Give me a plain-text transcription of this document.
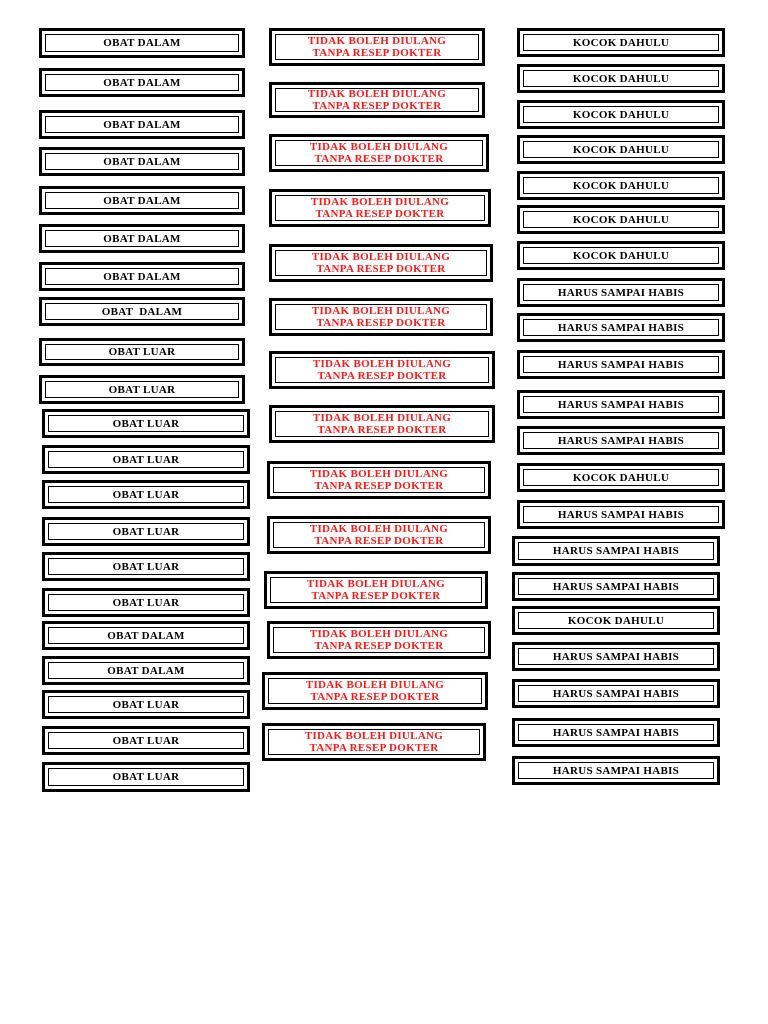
OBAT DALAM
OBAT DALAM
OBAT DALAM
OBAT DALAM
OBAT DALAM
OBAT DALAM
OBAT DALAM
OBAT  DALAM
OBAT LUAR
OBAT LUAR
OBAT LUAR
OBAT LUAR
OBAT LUAR
OBAT LUAR
OBAT LUAR
OBAT LUAR
OBAT DALAM
OBAT DALAM
OBAT LUAR
OBAT LUAR
OBAT LUAR
TIDAK BOLEH DIULANG
TANPA RESEP DOKTER
TIDAK BOLEH DIULANG
TANPA RESEP DOKTER
TIDAK BOLEH DIULANG
TANPA RESEP DOKTER
TIDAK BOLEH DIULANG
TANPA RESEP DOKTER
TIDAK BOLEH DIULANG
TANPA RESEP DOKTER
TIDAK BOLEH DIULANG
TANPA RESEP DOKTER
TIDAK BOLEH DIULANG
TANPA RESEP DOKTER
TIDAK BOLEH DIULANG
TANPA RESEP DOKTER
TIDAK BOLEH DIULANG
TANPA RESEP DOKTER
TIDAK BOLEH DIULANG
TANPA RESEP DOKTER
TIDAK BOLEH DIULANG
TANPA RESEP DOKTER
TIDAK BOLEH DIULANG
TANPA RESEP DOKTER
TIDAK BOLEH DIULANG
TANPA RESEP DOKTER
TIDAK BOLEH DIULANG
TANPA RESEP DOKTER
KOCOK DAHULU
KOCOK DAHULU
KOCOK DAHULU
KOCOK DAHULU
KOCOK DAHULU
KOCOK DAHULU
KOCOK DAHULU
HARUS SAMPAI HABIS
HARUS SAMPAI HABIS
HARUS SAMPAI HABIS
HARUS SAMPAI HABIS
HARUS SAMPAI HABIS
KOCOK DAHULU
HARUS SAMPAI HABIS
HARUS SAMPAI HABIS
HARUS SAMPAI HABIS
KOCOK DAHULU
HARUS SAMPAI HABIS
HARUS SAMPAI HABIS
HARUS SAMPAI HABIS
HARUS SAMPAI HABIS
